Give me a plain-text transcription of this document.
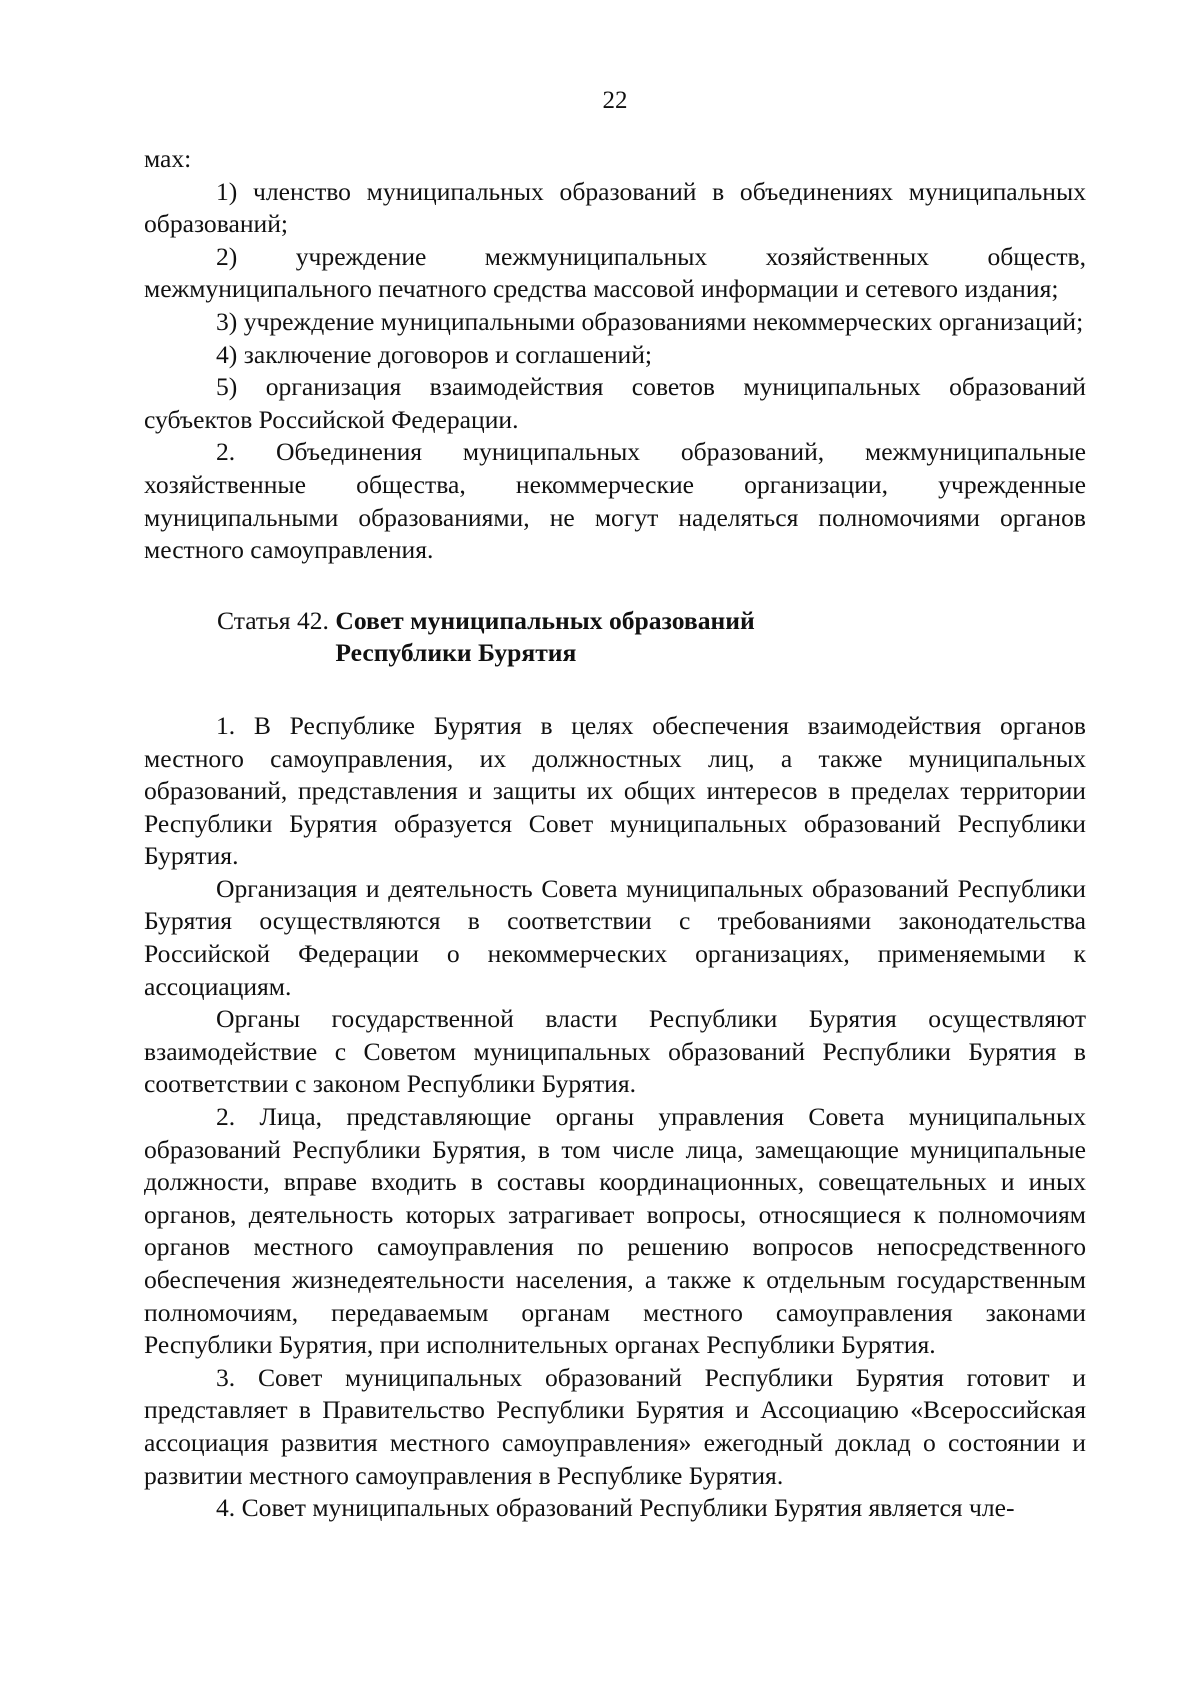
22

мах:

1) членство муниципальных образований в объединениях муниципальных образований;

2) учреждение межмуниципальных хозяйственных обществ, межмуниципального печатного средства массовой информации и сетевого издания;

3) учреждение муниципальными образованиями некоммерческих организаций;

4) заключение договоров и соглашений;

5) организация взаимодействия советов муниципальных образований субъектов Российской Федерации.

2. Объединения муниципальных образований, межмуниципальные хозяйственные общества, некоммерческие организации, учрежденные муниципальными образованиями, не могут наделяться полномочиями органов местного самоуправления.

Статья 42. Совет муниципальных образований Республики Бурятия

1. В Республике Бурятия в целях обеспечения взаимодействия органов местного самоуправления, их должностных лиц, а также муниципальных образований, представления и защиты их общих интересов в пределах территории Республики Бурятия образуется Совет муниципальных образований Республики Бурятия.

Организация и деятельность Совета муниципальных образований Республики Бурятия осуществляются в соответствии с требованиями законодательства Российской Федерации о некоммерческих организациях, применяемыми к ассоциациям.

Органы государственной власти Республики Бурятия осуществляют взаимодействие с Советом муниципальных образований Республики Бурятия в соответствии с законом Республики Бурятия.

2. Лица, представляющие органы управления Совета муниципальных образований Республики Бурятия, в том числе лица, замещающие муниципальные должности, вправе входить в составы координационных, совещательных и иных органов, деятельность которых затрагивает вопросы, относящиеся к полномочиям органов местного самоуправления по решению вопросов непосредственного обеспечения жизнедеятельности населения, а также к отдельным государственным полномочиям, передаваемым органам местного самоуправления законами Республики Бурятия, при исполнительных органах Республики Бурятия.

3. Совет муниципальных образований Республики Бурятия готовит и представляет в Правительство Республики Бурятия и Ассоциацию «Всероссийская ассоциация развития местного самоуправления» ежегодный доклад о состоянии и развитии местного самоуправления в Республике Бурятия.

4. Совет муниципальных образований Республики Бурятия является чле-
